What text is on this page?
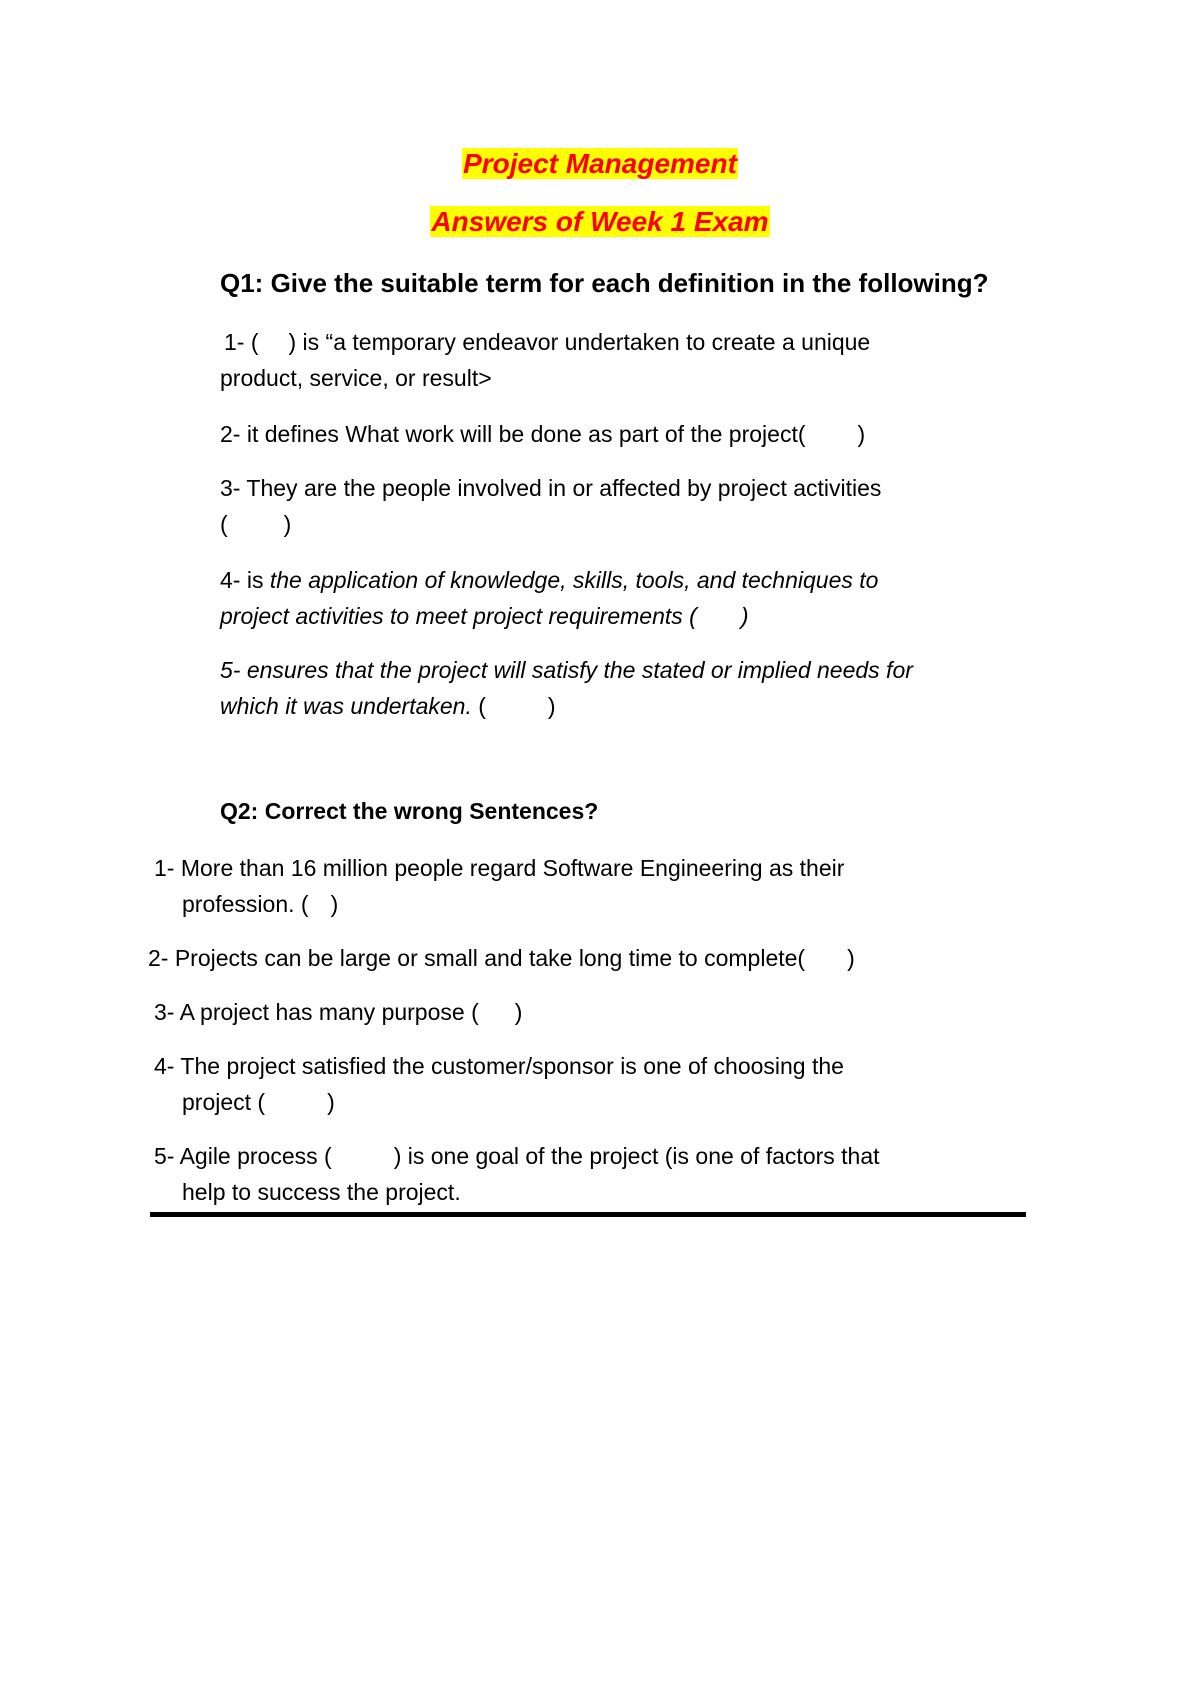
Project Management
Answers of Week 1 Exam
Q1: Give the suitable term for each definition in the following?
1- ( ) is “a temporary endeavor undertaken to create a unique
product, service, or result>
2- it defines What work will be done as part of the project( )
3- They are the people involved in or affected by project activities
( )
4- is the application of knowledge, skills, tools, and techniques to
project activities to meet project requirements ( )
5- ensures that the project will satisfy the stated or implied needs for
which it was undertaken. (	)
Q2: Correct the wrong Sentences?
1- More than 16 million people regard Software Engineering as their
profession. ( )
2- Projects can be large or small and take long time to complete( )
3- A project has many purpose ( )
4- The project satisfied the customer/sponsor is one of choosing the
project (	)
5- Agile process (	) is one goal of the project (is one of factors that
help to success the project.
